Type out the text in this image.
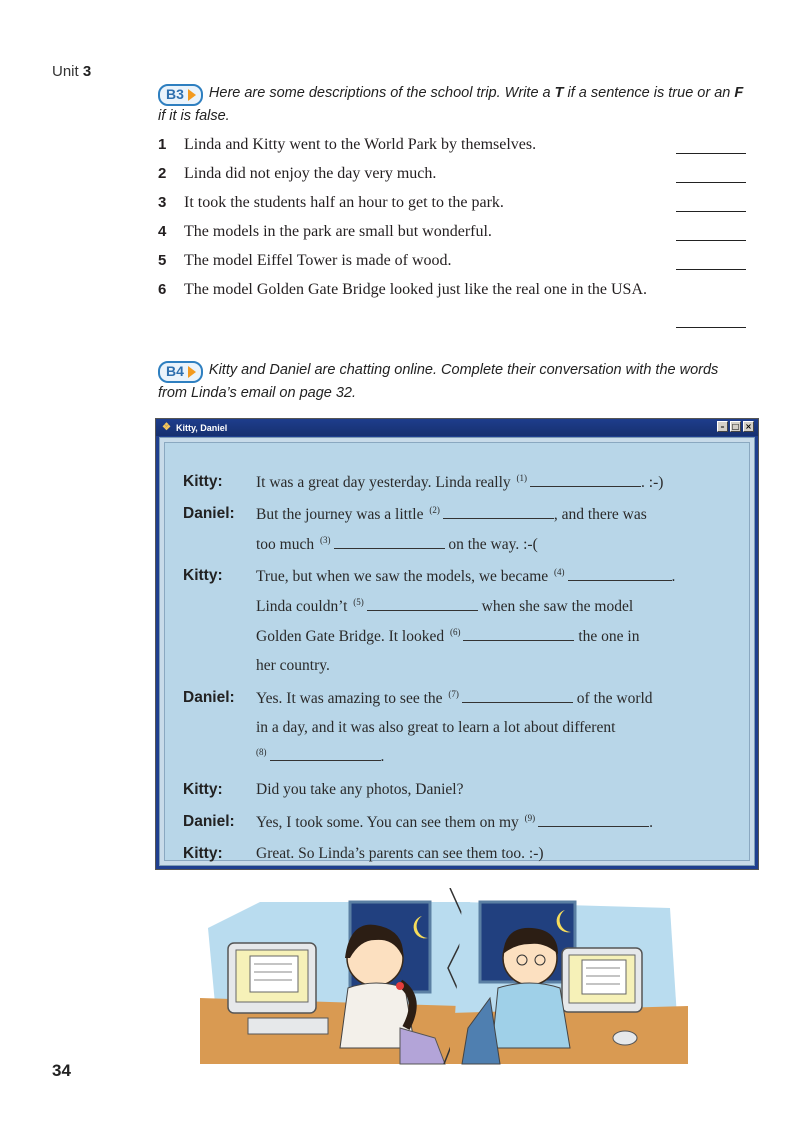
Unit 3
B3 Here are some descriptions of the school trip. Write a T if a sentence is true or an F if it is false.
1 Linda and Kitty went to the World Park by themselves.
2 Linda did not enjoy the day very much.
3 It took the students half an hour to get to the park.
4 The models in the park are small but wonderful.
5 The model Eiffel Tower is made of wood.
6 The model Golden Gate Bridge looked just like the real one in the USA.
B4 Kitty and Daniel are chatting online. Complete their conversation with the words from Linda’s email on page 32.
❖ Kitty, Daniel	– □ ×
Kitty:	It was a great day yesterday. Linda really $^{(1)}$	. :-)
Daniel:	But the journey was a little $^{(2)}$	, and there was
too much $^{(3)}$	on the way. :-(
Kitty:	True, but when we saw the models, we became $^{(4)}$	.
Linda couldn’t $^{(5)}$	when she saw the model
Golden Gate Bridge. It looked $^{(6)}$	the one in
her country.
Daniel:	Yes. It was amazing to see the $^{(7)}$	of the world
in a day, and it was also great to learn a lot about different
$^{(8)}$	.
Kitty:	Did you take any photos, Daniel?
Daniel:	Yes, I took some. You can see them on my $^{(9)}$	.
Kitty:	Great. So Linda’s parents can see them too. :-)
34
